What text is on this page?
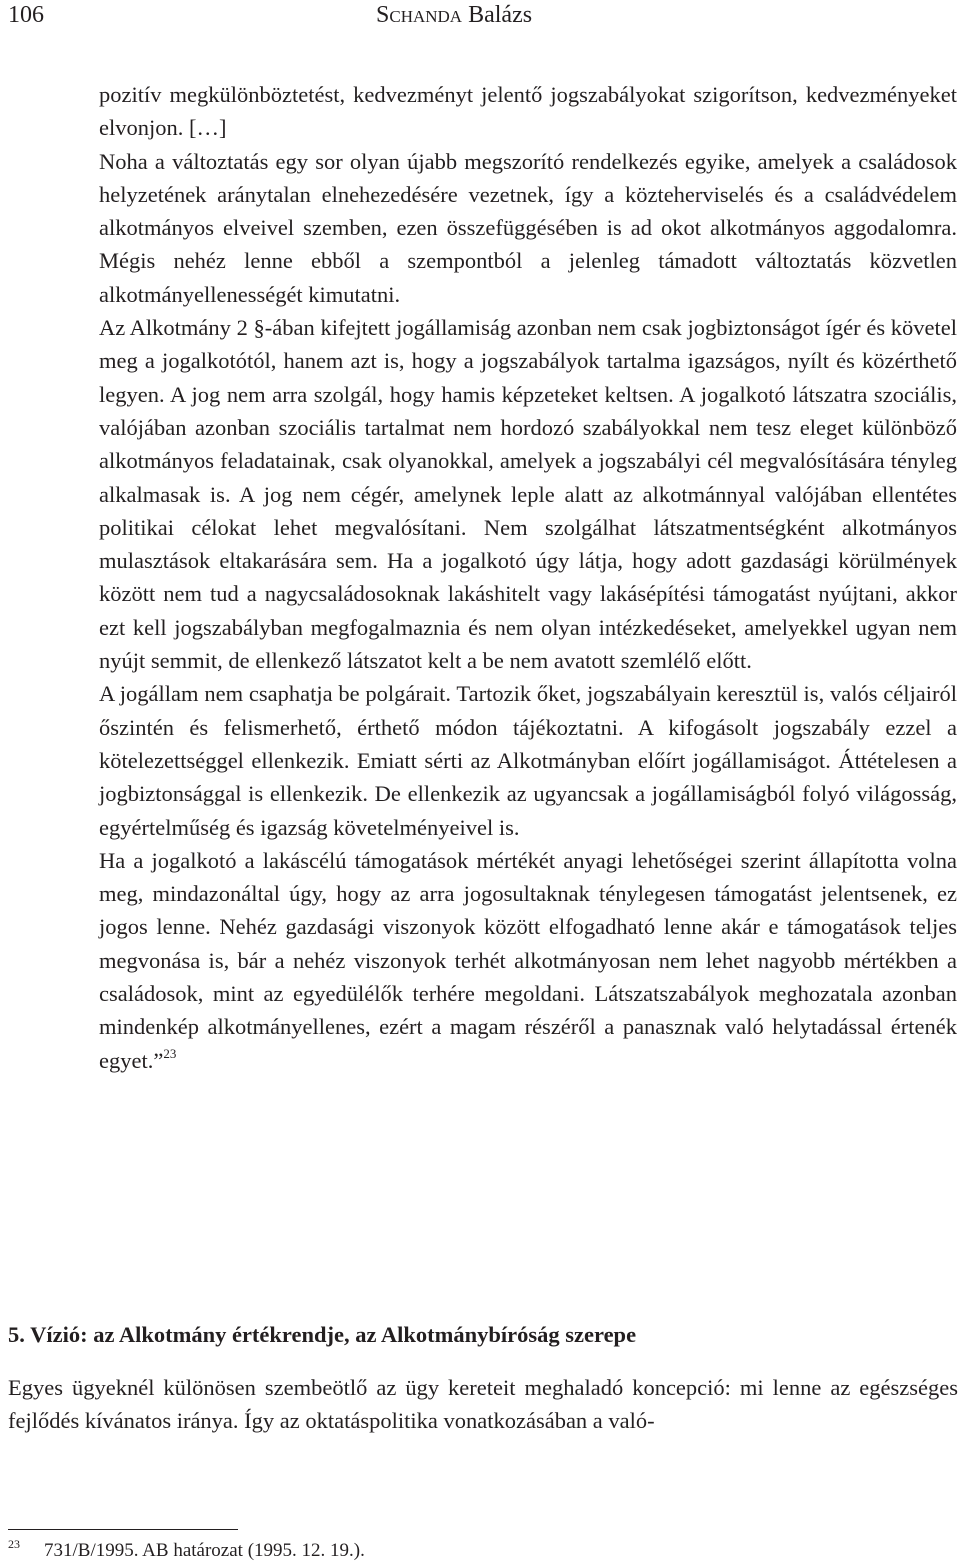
106	Schanda Balázs

pozitív megkülönböztetést, kedvezményt jelentő jogszabályokat szigorítson, kedvezményeket elvonjon. […]

Noha a változtatás egy sor olyan újabb megszorító rendelkezés egyike, amelyek a családosok helyzetének aránytalan elnehezedésére vezetnek, így a közteherviselés és a családvédelem alkotmányos elveivel szemben, ezen összefüggésében is ad okot alkotmányos aggodalomra. Mégis nehéz lenne ebből a szempontból a jelenleg támadott változtatás közvetlen alkotmányellenességét kimutatni.

Az Alkotmány 2 §-ában kifejtett jogállamiság azonban nem csak jogbiztonságot ígér és követel meg a jogalkotótól, hanem azt is, hogy a jogszabályok tartalma igazságos, nyílt és közérthető legyen. A jog nem arra szolgál, hogy hamis képzeteket keltsen. A jogalkotó látszatra szociális, valójában azonban szociális tartalmat nem hordozó szabályokkal nem tesz eleget különböző alkotmányos feladatainak, csak olyanokkal, amelyek a jogszabályi cél megvalósítására tényleg alkalmasak is. A jog nem cégér, amelynek leple alatt az alkotmánnyal valójában ellentétes politikai célokat lehet megvalósítani. Nem szolgálhat látszatmentségként alkotmányos mulasztások eltakarására sem. Ha a jogalkotó úgy látja, hogy adott gazdasági körülmények között nem tud a nagycsaládosoknak lakáshitelt vagy lakásépítési támogatást nyújtani, akkor ezt kell jogszabályban megfogalmaznia és nem olyan intézkedéseket, amelyekkel ugyan nem nyújt semmit, de ellenkező látszatot kelt a be nem avatott szemlélő előtt.

A jogállam nem csaphatja be polgárait. Tartozik őket, jogszabályain keresztül is, valós céljairól őszintén és felismerhető, érthető módon tájékoztatni. A kifogásolt jogszabály ezzel a kötelezettséggel ellenkezik. Emiatt sérti az Alkotmányban előírt jogállamiságot. Áttételesen a jogbiztonsággal is ellenkezik. De ellenkezik az ugyancsak a jogállamiságból folyó világosság, egyértelműség és igazság követelményeivel is.

Ha a jogalkotó a lakáscélú támogatások mértékét anyagi lehetőségei szerint állapította volna meg, mindazonáltal úgy, hogy az arra jogosultaknak ténylegesen támogatást jelentsenek, ez jogos lenne. Nehéz gazdasági viszonyok között elfogadható lenne akár e támogatások teljes megvonása is, bár a nehéz viszonyok terhét alkotmányosan nem lehet nagyobb mértékben a családosok, mint az egyedülélők terhére megoldani. Látszatszabályok meghozatala azonban mindenkép alkotmányellenes, ezért a magam részéről a panasznak való helytadással értenék egyet.”$^{23}$

5. Vízió: az Alkotmány értékrendje, az Alkotmánybíróság szerepe

Egyes ügyeknél különösen szembeötlő az ügy kereteit meghaladó koncepció: mi lenne az egészséges fejlődés kívánatos iránya. Így az oktatáspolitika vonatkozásában a való-

$^{23}$ 731/B/1995. AB határozat (1995. 12. 19.).
